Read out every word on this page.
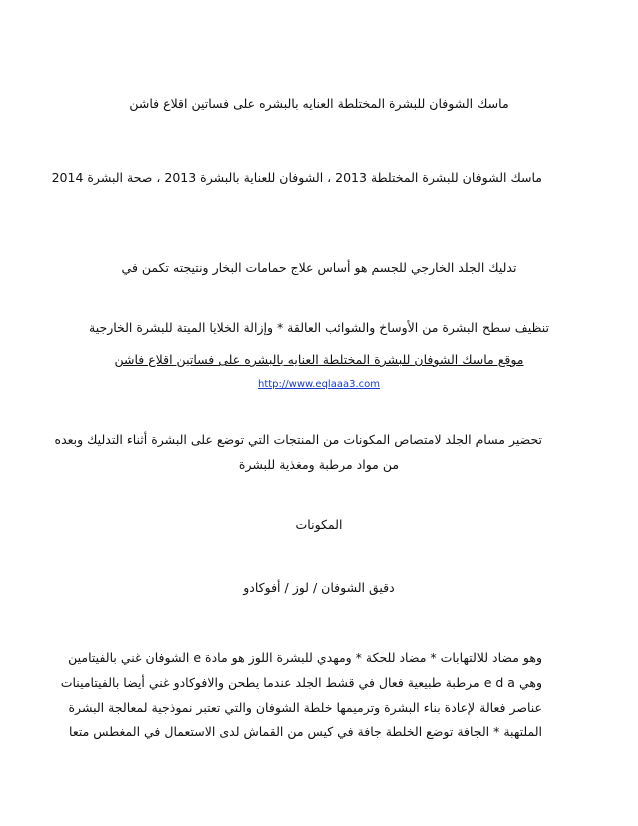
ماسك الشوفان للبشرة المختلطة العنايه بالبشره على فساتين اقلاع فاشن
ماسك الشوفان للبشرة المختلطة 2013 ، الشوفان للعناية بالبشرة 2013 ، صحة البشرة 2014
تدليك الجلد الخارجي للجسم هو أساس علاج حمامات البخار ونتيجته تكمن في
تنظيف سطح البشرة من الأوساخ والشوائب العالقة * وإزالة الخلايا الميتة للبشرة الخارجية
موقع ماسك الشوفان للبشرة المختلطة العنايه بالبشره على فساتين اقلاع فاشن
http://www.eqlaaa3.com
تحضير مسام الجلد لامتصاص المكونات من المنتجات التي توضع على البشرة أثناء التدليك وبعده
من مواد مرطبة ومغذية للبشرة
المكونات
دقيق الشوفان / لوز / أفوكادو
وهو مضاد للالتهابات * مضاد للحكة * ومهدي للبشرة اللوز هو مادة e الشوفان غني بالفيتامين
وهي e d a مرطبة طبيعية فعال في قشط الجلد عندما يطحن والافوكادو غني أيضا بالفيتامينات
عناصر فعالة لإعادة بناء البشرة وترميمها خلطة الشوفان والتي تعتبر نموذجية لمعالجة البشرة
الملتهبة * الجافة توضع الخلطة جافة في كيس من القماش لدى الاستعمال في المغطس متعا
